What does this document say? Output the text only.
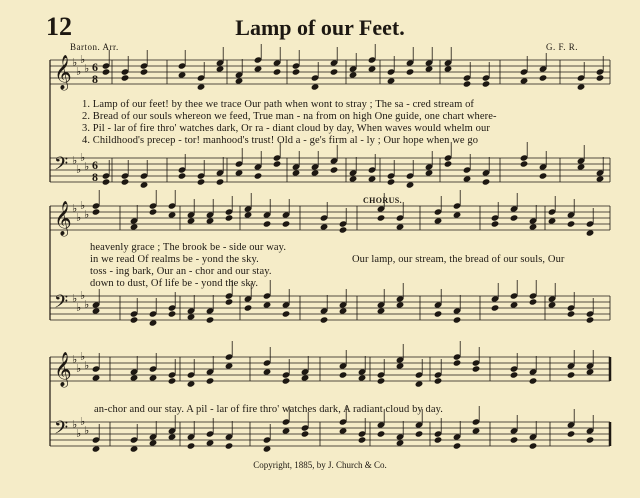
12	Lamp of our Feet.
Barton. Arr.	G. F. R.
𝄞 ♭
♭
♭
♭ 6
8
𝄢 ♭
♭
♭
♭ 6
8
𝄞 ♭
♭
♭
♭
𝄢 ♭
♭
♭
♭
𝄞 ♭
♭
♭
♭
𝄢 ♭
♭
♭
♭
1. Lamp of our feet! by thee we trace Our path when wont to stray ; The sa - cred stream of
2. Bread of our souls whereon we feed, True man - na from on high One guide, one chart where-
3. Pil - lar of fire thro' watches dark, Or ra - diant cloud by day, When waves would whelm our
4. Childhood's precep - tor! manhood's trust! Old a - ge's firm al - ly ; Our hope when we go
CHORUS.
heavenly grace ; The brook be - side our way.
in we read Of realms be - yond the sky.
toss - ing bark, Our an - chor and our stay.
down to dust, Of life be - yond the sky.
Our lamp, our stream, the bread of our souls, Our
an-chor and our stay. A pil - lar of fire thro' watches dark, A radiant cloud by day.
Copyright, 1885, by J. Church & Co.
